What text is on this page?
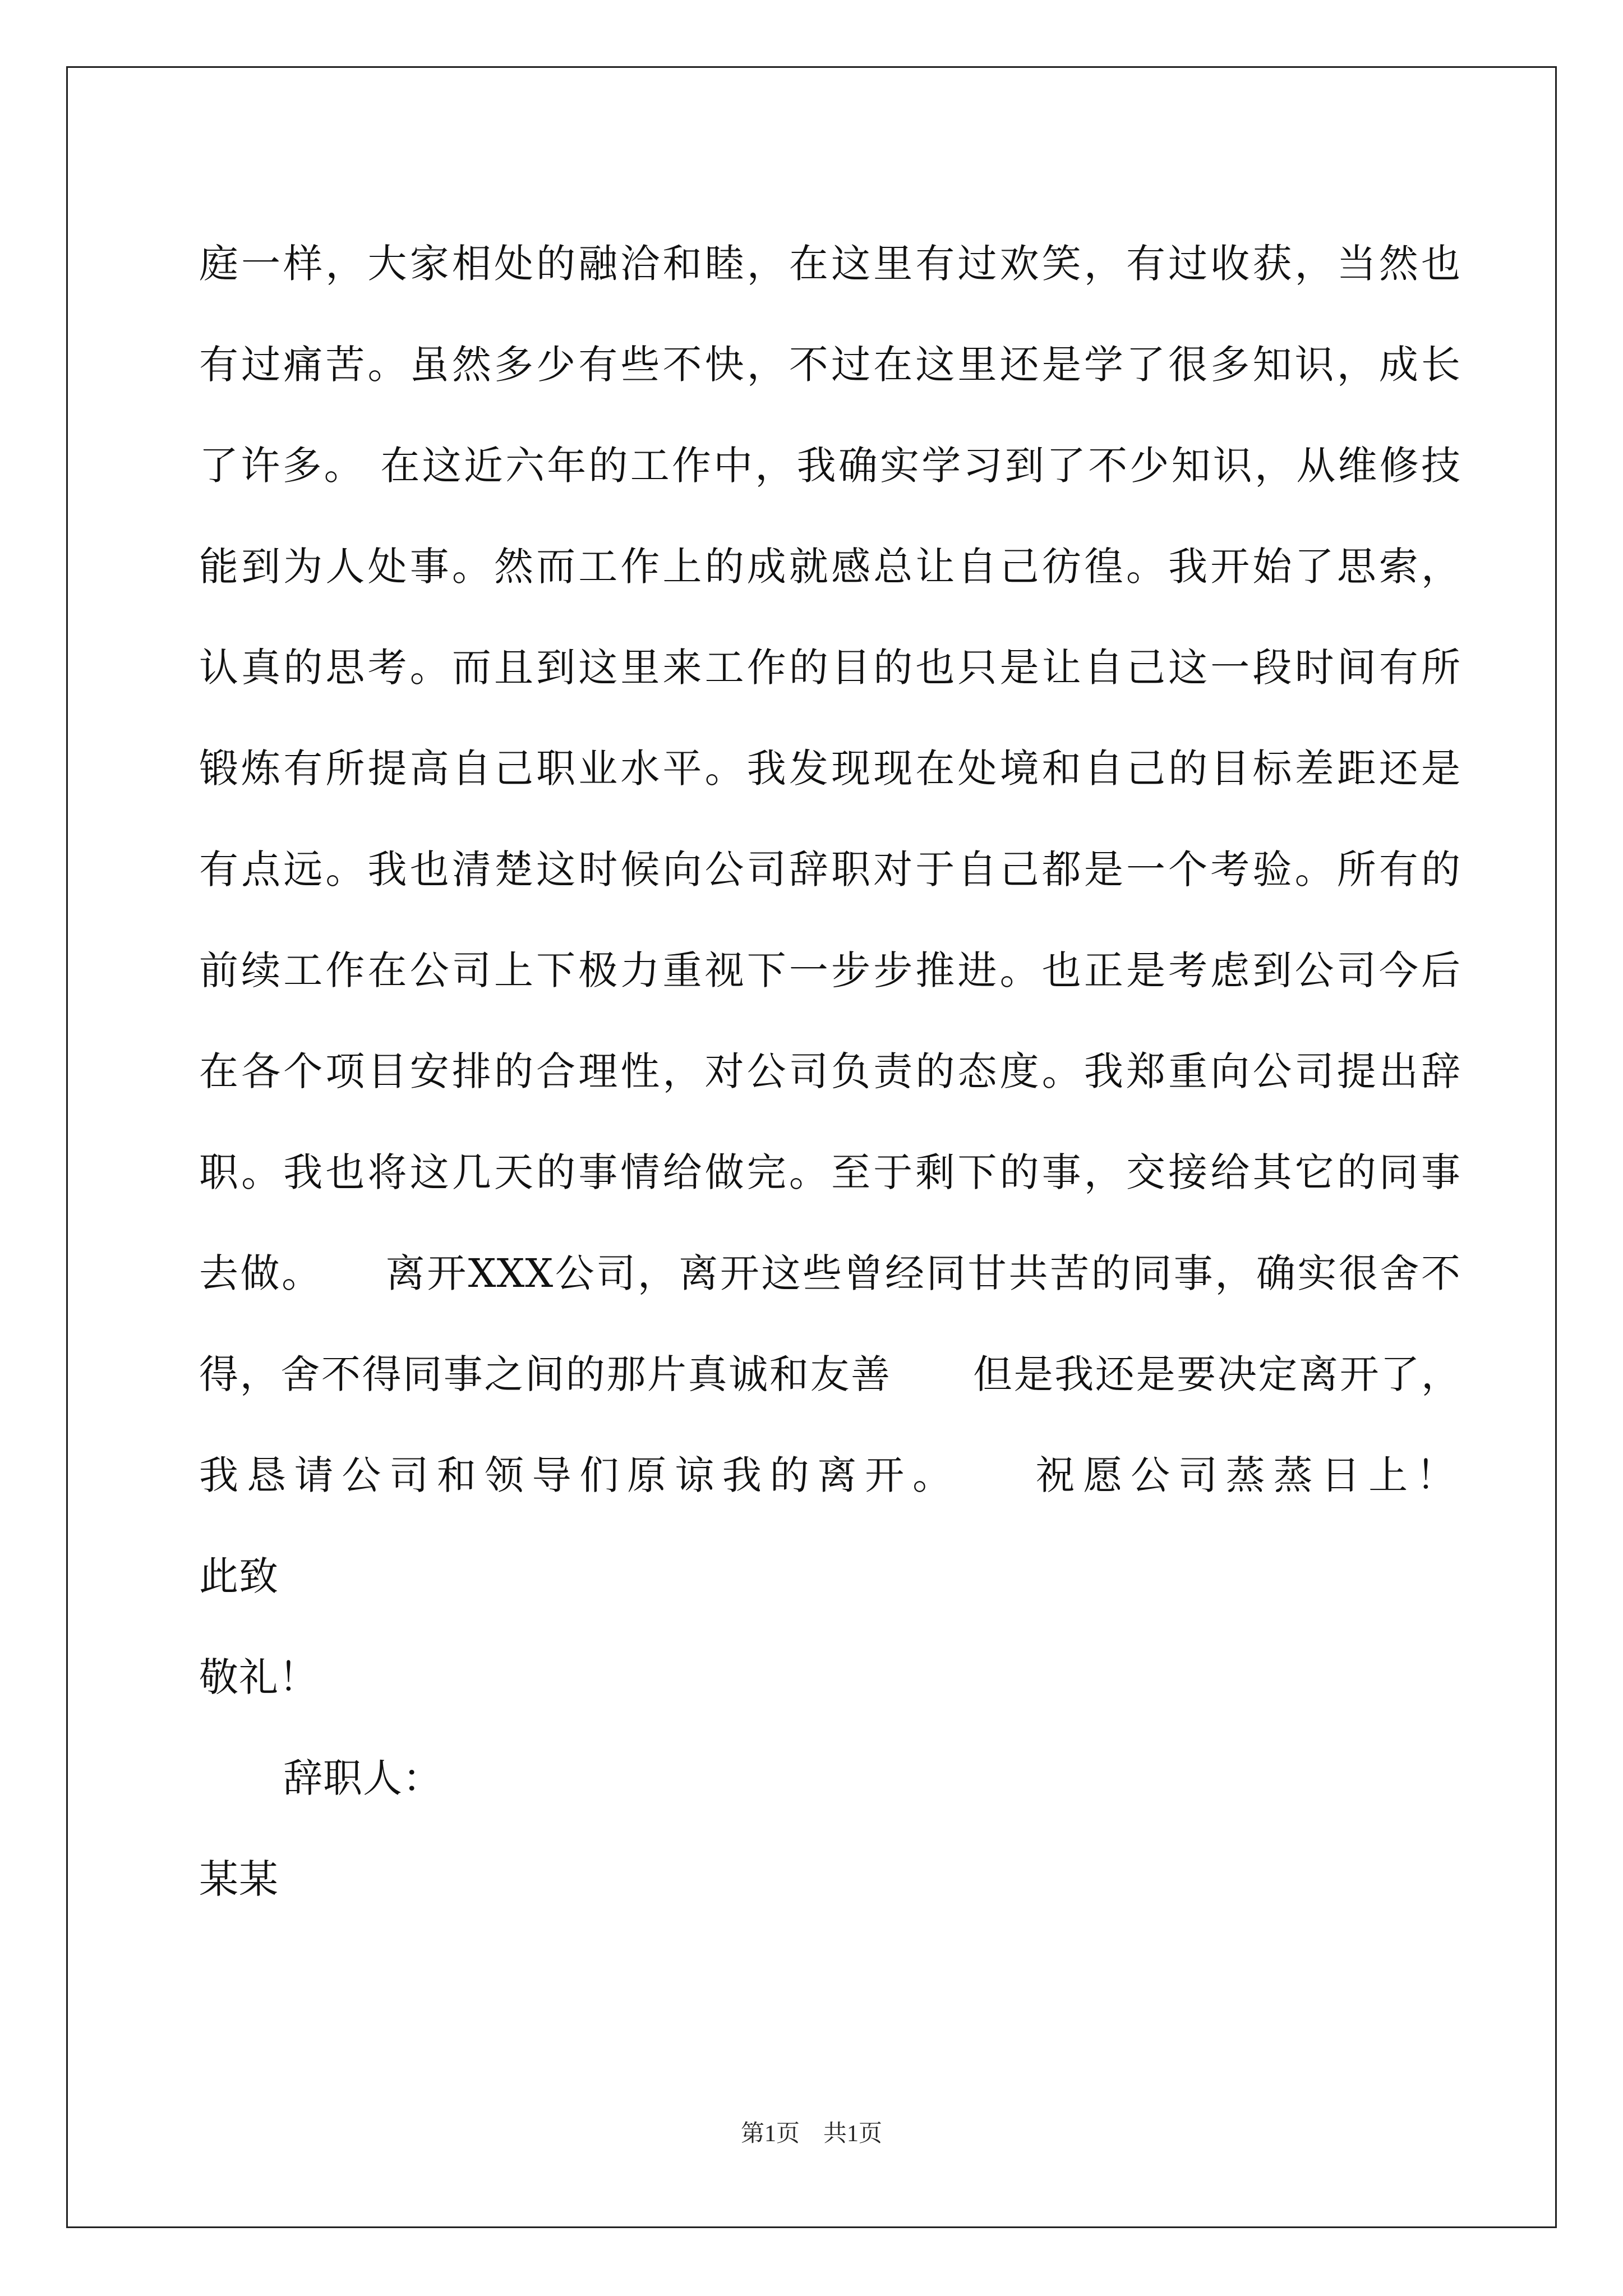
庭一样，大家相处的融洽和睦，在这里有过欢笑，有过收获，当然也
有过痛苦。虽然多少有些不快，不过在这里还是学了很多知识，成长
了许多。 在这近六年的工作中，我确实学习到了不少知识，从维修技
能到为人处事。然而工作上的成就感总让自己彷徨。我开始了思索，
认真的思考。而且到这里来工作的目的也只是让自己这一段时间有所
锻炼有所提高自己职业水平。我发现现在处境和自己的目标差距还是
有点远。我也清楚这时候向公司辞职对于自己都是一个考验。所有的
前续工作在公司上下极力重视下一步步推进。也正是考虑到公司今后
在各个项目安排的合理性，对公司负责的态度。我郑重向公司提出辞
职。我也将这几天的事情给做完。至于剩下的事，交接给其它的同事
去做。　　离开XXX公司，离开这些曾经同甘共苦的同事，确实很舍不
得，舍不得同事之间的那片真诚和友善　　但是我还是要决定离开了，
我恳请公司和领导们原谅我的离开。　　祝愿公司蒸蒸日上！
此致
敬礼！
辞职人：
某某
第1页　共1页
